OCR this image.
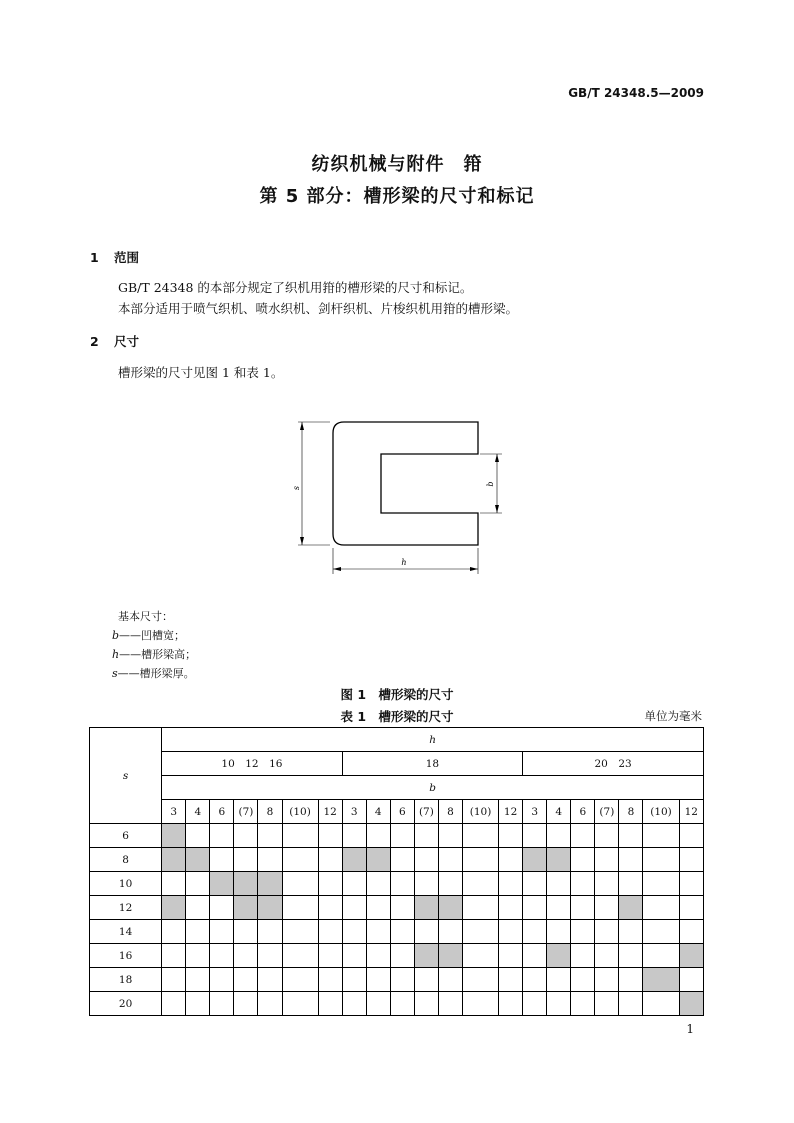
GB/T 24348.5—2009
纺织机械与附件　箝
第 5 部分：槽形梁的尺寸和标记
1 范围
GB/T 24348 的本部分规定了织机用箝的槽形梁的尺寸和标记。
本部分适用于喷气织机、喷水织机、剑杆织机、片梭织机用箝的槽形梁。
2 尺寸
槽形梁的尺寸见图 1 和表 1。
s
b
h
基本尺寸：
b——凹槽宽；
h——槽形梁高；
s——槽形梁厚。
图 1　槽形梁的尺寸
表 1　槽形梁的尺寸	单位为毫米
s	h																				
	10　12　16							18							20　23						
	b																				
	3	4	6	(7)	8	(10)	12	3	4	6	(7)	8	(10)	12	3	4	6	(7)	8	(10)	12
6																					
8																					
10																					
12																					
14																					
16																					
18																					
20																					
1
